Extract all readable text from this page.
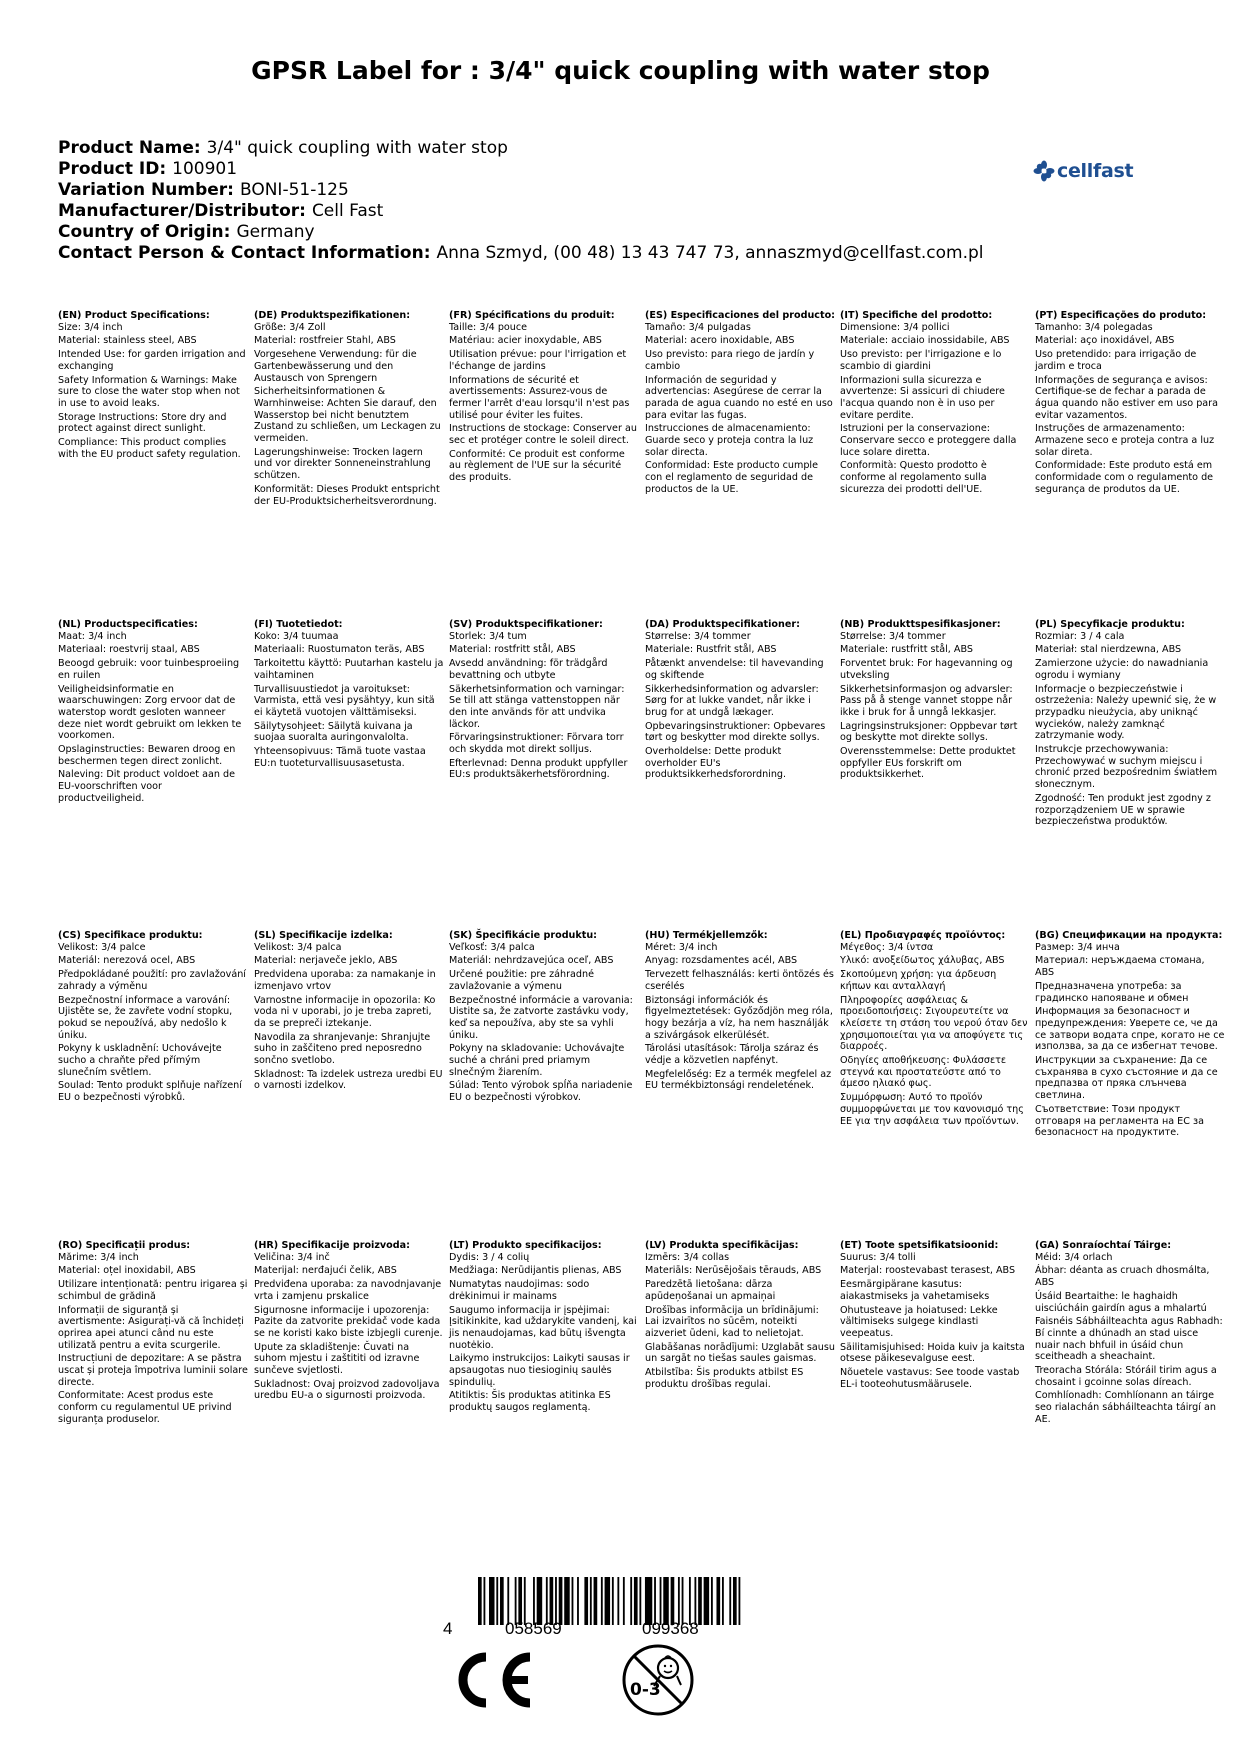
GPSR Label for : 3/4" quick coupling with water stop
Product Name: 3/4" quick coupling with water stop
Product ID: 100901
Variation Number: BONI-51-125
Manufacturer/Distributor: Cell Fast
Country of Origin: Germany
Contact Person & Contact Information: Anna Szmyd, (00 48) 13 43 747 73, annaszmyd@cellfast.com.pl
cellfast
(EN) Product Specifications:
Size: 3/4 inch
Material: stainless steel, ABS
Intended Use: for garden irrigation and exchanging
Safety Information & Warnings: Make sure to close the water stop when not in use to avoid leaks.
Storage Instructions: Store dry and protect against direct sunlight.
Compliance: This product complies with the EU product safety regulation.
(DE) Produktspezifikationen:
Größe: 3/4 Zoll
Material: rostfreier Stahl, ABS
Vorgesehene Verwendung: für die Gartenbewässerung und den Austausch von Sprengern
Sicherheitsinformationen & Warnhinweise: Achten Sie darauf, den Wasserstop bei nicht benutztem Zustand zu schließen, um Leckagen zu vermeiden.
Lagerungshinweise: Trocken lagern und vor direkter Sonneneinstrahlung schützen.
Konformität: Dieses Produkt entspricht der EU-Produktsicherheitsverordnung.
(FR) Spécifications du produit:
Taille: 3/4 pouce
Matériau: acier inoxydable, ABS
Utilisation prévue: pour l'irrigation et l'échange de jardins
Informations de sécurité et avertissements: Assurez-vous de fermer l'arrêt d'eau lorsqu'il n'est pas utilisé pour éviter les fuites.
Instructions de stockage: Conserver au sec et protéger contre le soleil direct.
Conformité: Ce produit est conforme au règlement de l'UE sur la sécurité des produits.
(ES) Especificaciones del producto:
Tamaño: 3/4 pulgadas
Material: acero inoxidable, ABS
Uso previsto: para riego de jardín y cambio
Información de seguridad y advertencias: Asegúrese de cerrar la parada de agua cuando no esté en uso para evitar las fugas.
Instrucciones de almacenamiento: Guarde seco y proteja contra la luz solar directa.
Conformidad: Este producto cumple con el reglamento de seguridad de productos de la UE.
(IT) Specifiche del prodotto:
Dimensione: 3/4 pollici
Materiale: acciaio inossidabile, ABS
Uso previsto: per l'irrigazione e lo scambio di giardini
Informazioni sulla sicurezza e avvertenze: Si assicuri di chiudere l'acqua quando non è in uso per evitare perdite.
Istruzioni per la conservazione: Conservare secco e proteggere dalla luce solare diretta.
Conformità: Questo prodotto è conforme al regolamento sulla sicurezza dei prodotti dell'UE.
(PT) Especificações do produto:
Tamanho: 3/4 polegadas
Material: aço inoxidável, ABS
Uso pretendido: para irrigação de jardim e troca
Informações de segurança e avisos: Certifique-se de fechar a parada de água quando não estiver em uso para evitar vazamentos.
Instruções de armazenamento: Armazene seco e proteja contra a luz solar direta.
Conformidade: Este produto está em conformidade com o regulamento de segurança de produtos da UE.
(NL) Productspecificaties:
Maat: 3/4 inch
Materiaal: roestvrij staal, ABS
Beoogd gebruik: voor tuinbesproeiing en ruilen
Veiligheidsinformatie en waarschuwingen: Zorg ervoor dat de waterstop wordt gesloten wanneer deze niet wordt gebruikt om lekken te voorkomen.
Opslaginstructies: Bewaren droog en beschermen tegen direct zonlicht.
Naleving: Dit product voldoet aan de EU-voorschriften voor productveiligheid.
(FI) Tuotetiedot:
Koko: 3/4 tuumaa
Materiaali: Ruostumaton teräs, ABS
Tarkoitettu käyttö: Puutarhan kastelu ja vaihtaminen
Turvallisuustiedot ja varoitukset: Varmista, että vesi pysähtyy, kun sitä ei käytetä vuotojen välttämiseksi.
Säilytysohjeet: Säilytä kuivana ja suojaa suoralta auringonvalolta.
Yhteensopivuus: Tämä tuote vastaa EU:n tuoteturvallisuusasetusta.
(SV) Produktspecifikationer:
Storlek: 3/4 tum
Material: rostfritt stål, ABS
Avsedd användning: för trädgård bevattning och utbyte
Säkerhetsinformation och varningar: Se till att stänga vattenstoppen när den inte används för att undvika läckor.
Förvaringsinstruktioner: Förvara torr och skydda mot direkt solljus.
Efterlevnad: Denna produkt uppfyller EU:s produktsäkerhetsförordning.
(DA) Produktspecifikationer:
Størrelse: 3/4 tommer
Materiale: Rustfrit stål, ABS
Påtænkt anvendelse: til havevanding og skiftende
Sikkerhedsinformation og advarsler: Sørg for at lukke vandet, når ikke i brug for at undgå lækager.
Opbevaringsinstruktioner: Opbevares tørt og beskytter mod direkte sollys.
Overholdelse: Dette produkt overholder EU's produktsikkerhedsforordning.
(NB) Produkttspesifikasjoner:
Størrelse: 3/4 tommer
Materiale: rustfritt stål, ABS
Forventet bruk: For hagevanning og utveksling
Sikkerhetsinformasjon og advarsler: Pass på å stenge vannet stoppe når ikke i bruk for å unngå lekkasjer.
Lagringsinstruksjoner: Oppbevar tørt og beskytte mot direkte sollys.
Overensstemmelse: Dette produktet oppfyller EUs forskrift om produktsikkerhet.
(PL) Specyfikacje produktu:
Rozmiar: 3 / 4 cala
Materiał: stal nierdzewna, ABS
Zamierzone użycie: do nawadniania ogrodu i wymiany
Informacje o bezpieczeństwie i ostrzeżenia: Należy upewnić się, że w przypadku nieużycia, aby uniknąć wycieków, należy zamknąć zatrzymanie wody.
Instrukcje przechowywania: Przechowywać w suchym miejscu i chronić przed bezpośrednim światłem słonecznym.
Zgodność: Ten produkt jest zgodny z rozporządzeniem UE w sprawie bezpieczeństwa produktów.
(CS) Specifikace produktu:
Velikost: 3/4 palce
Materiál: nerezová ocel, ABS
Předpokládané použití: pro zavlažování zahrady a výměnu
Bezpečnostní informace a varování: Ujistěte se, že zavřete vodní stopku, pokud se nepoužívá, aby nedošlo k úniku.
Pokyny k uskladnění: Uchovávejte sucho a chraňte před přímým slunečním světlem.
Soulad: Tento produkt splňuje nařízení EU o bezpečnosti výrobků.
(SL) Specifikacije izdelka:
Velikost: 3/4 palca
Material: nerjaveče jeklo, ABS
Predvidena uporaba: za namakanje in izmenjavo vrtov
Varnostne informacije in opozorila: Ko voda ni v uporabi, jo je treba zapreti, da se prepreči iztekanje.
Navodila za shranjevanje: Shranjujte suho in zaščiteno pred neposredno sončno svetlobo.
Skladnost: Ta izdelek ustreza uredbi EU o varnosti izdelkov.
(SK) Špecifikácie produktu:
Veľkosť: 3/4 palca
Materiál: nehrdzavejúca oceľ, ABS
Určené použitie: pre záhradné zavlažovanie a výmenu
Bezpečnostné informácie a varovania: Uistite sa, že zatvorte zastávku vody, keď sa nepoužíva, aby ste sa vyhli úniku.
Pokyny na skladovanie: Uchovávajte suché a chráni pred priamym slnečným žiarením.
Súlad: Tento výrobok spĺňa nariadenie EU o bezpečnosti výrobkov.
(HU) Termékjellemzők:
Méret: 3/4 inch
Anyag: rozsdamentes acél, ABS
Tervezett felhasználás: kerti öntözés és cserélés
Biztonsági információk és figyelmeztetések: Győződjön meg róla, hogy bezárja a víz, ha nem használják a szivárgások elkerülését.
Tárolási utasítások: Tárolja száraz és védje a közvetlen napfényt.
Megfelelőség: Ez a termék megfelel az EU termékbiztonsági rendeletének.
(EL) Προδιαγραφές προϊόντος:
Μέγεθος: 3/4 ίντσα
Υλικό: ανοξείδωτος χάλυβας, ABS
Σκοπούμενη χρήση: για άρδευση κήπων και ανταλλαγή
Πληροφορίες ασφάλειας & προειδοποιήσεις: Σιγουρευτείτε να κλείσετε τη στάση του νερού όταν δεν χρησιμοποιείται για να αποφύγετε τις διαρροές.
Οδηγίες αποθήκευσης: Φυλάσσετε στεγνά και προστατεύστε από το άμεσο ηλιακό φως.
Συμμόρφωση: Αυτό το προϊόν συμμορφώνεται με τον κανονισμό της ΕΕ για την ασφάλεια των προϊόντων.
(BG) Спецификации на продукта:
Размер: 3/4 инча
Материал: неръждаема стомана, ABS
Предназначена употреба: за градинско напояване и обмен
Информация за безопасност и предупреждения: Уверете се, че да се затвори водата спре, когато не се използва, за да се избегнат течове.
Инструкции за съхранение: Да се съхранява в сухо състояние и да се предпазва от пряка слънчева светлина.
Съответствие: Този продукт отговаря на регламента на ЕС за безопасност на продуктите.
(RO) Specificații produs:
Mărime: 3/4 inch
Material: oțel inoxidabil, ABS
Utilizare intenționată: pentru irigarea și schimbul de grădină
Informații de siguranță și avertismente: Asigurați-vă că închideți oprirea apei atunci când nu este utilizată pentru a evita scurgerile.
Instrucțiuni de depozitare: A se păstra uscat și proteja împotriva luminii solare directe.
Conformitate: Acest produs este conform cu regulamentul UE privind siguranța produselor.
(HR) Specifikacije proizvoda:
Veličina: 3/4 inč
Materijal: nerđajući čelik, ABS
Predviđena uporaba: za navodnjavanje vrta i zamjenu prskalice
Sigurnosne informacije i upozorenja: Pazite da zatvorite prekidač vode kada se ne koristi kako biste izbjegli curenje.
Upute za skladištenje: Čuvati na suhom mjestu i zaštititi od izravne sunčeve svjetlosti.
Sukladnost: Ovaj proizvod zadovoljava uredbu EU-a o sigurnosti proizvoda.
(LT) Produkto specifikacijos:
Dydis: 3 / 4 colių
Medžiaga: Nerūdijantis plienas, ABS
Numatytas naudojimas: sodo drėkinimui ir mainams
Saugumo informacija ir įspėjimai: Įsitikinkite, kad uždarykite vandenį, kai jis nenaudojamas, kad būtų išvengta nuotėkio.
Laikymo instrukcijos: Laikyti sausas ir apsaugotas nuo tiesioginių saulės spindulių.
Atitiktis: Šis produktas atitinka ES produktų saugos reglamentą.
(LV) Produkta specifikācijas:
Izmērs: 3/4 collas
Materiāls: Nerūsējošais tērauds, ABS
Paredzētā lietošana: dārza apūdeņošanai un apmaiņai
Drošības informācija un brīdinājumi: Lai izvairītos no sūcēm, noteikti aizveriet ūdeni, kad to nelietojat.
Glabāšanas norādījumi: Uzglabāt sausu un sargāt no tiešas saules gaismas.
Atbilstība: Šis produkts atbilst ES produktu drošības regulai.
(ET) Toote spetsifikatsioonid:
Suurus: 3/4 tolli
Materjal: roostevabast terasest, ABS
Eesmärgipärane kasutus: aiakastmiseks ja vahetamiseks
Ohutusteave ja hoiatused: Lekke vältimiseks sulgege kindlasti veepeatus.
Säilitamisjuhised: Hoida kuiv ja kaitsta otsese päikesevalguse eest.
Nõuetele vastavus: See toode vastab EL-i tooteohutusmäärusele.
(GA) Sonraíochtaí Táirge:
Méid: 3/4 orlach
Ábhar: déanta as cruach dhosmálta, ABS
Úsáid Beartaithe: le haghaidh uisciúcháin gairdín agus a mhalartú
Faisnéis Sábháilteachta agus Rabhadh: Bí cinnte a dhúnadh an stad uisce nuair nach bhfuil in úsáid chun sceitheadh a sheachaint.
Treoracha Stórála: Stóráil tirim agus a chosaint i gcoinne solas díreach.
Comhlíonadh: Comhlíonann an táirge seo rialachán sábháilteachta táirgí an AE.
4	058569	099368
0-3
